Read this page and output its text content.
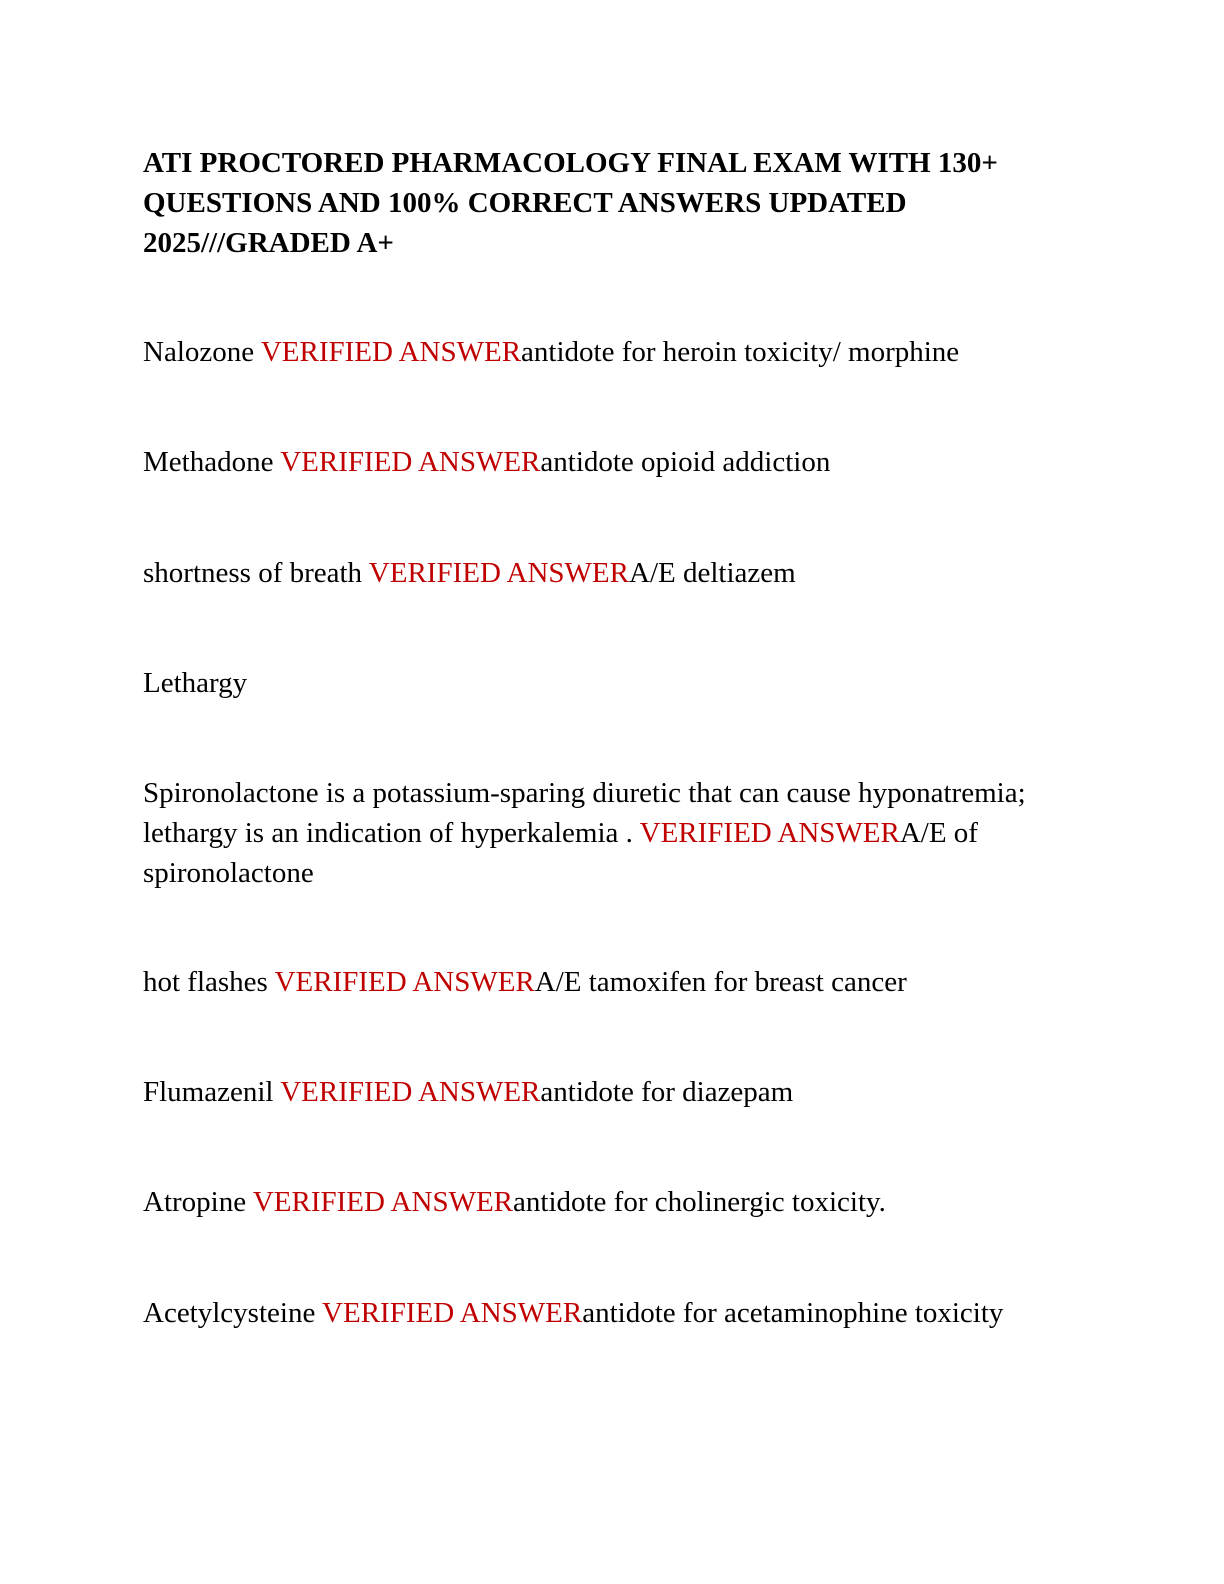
ATI PROCTORED PHARMACOLOGY FINAL EXAM WITH 130+ QUESTIONS AND 100% CORRECT ANSWERS UPDATED 2025///GRADED A+

Nalozone VERIFIED ANSWERantidote for heroin toxicity/ morphine

Methadone VERIFIED ANSWERantidote opioid addiction

shortness of breath VERIFIED ANSWERA/E deltiazem

Lethargy

Spironolactone is a potassium-sparing diuretic that can cause hyponatremia; lethargy is an indication of hyperkalemia . VERIFIED ANSWERA/E of spironolactone

hot flashes VERIFIED ANSWERA/E tamoxifen for breast cancer

Flumazenil VERIFIED ANSWERantidote for diazepam

Atropine VERIFIED ANSWERantidote for cholinergic toxicity.

Acetylcysteine VERIFIED ANSWERantidote for acetaminophine toxicity
